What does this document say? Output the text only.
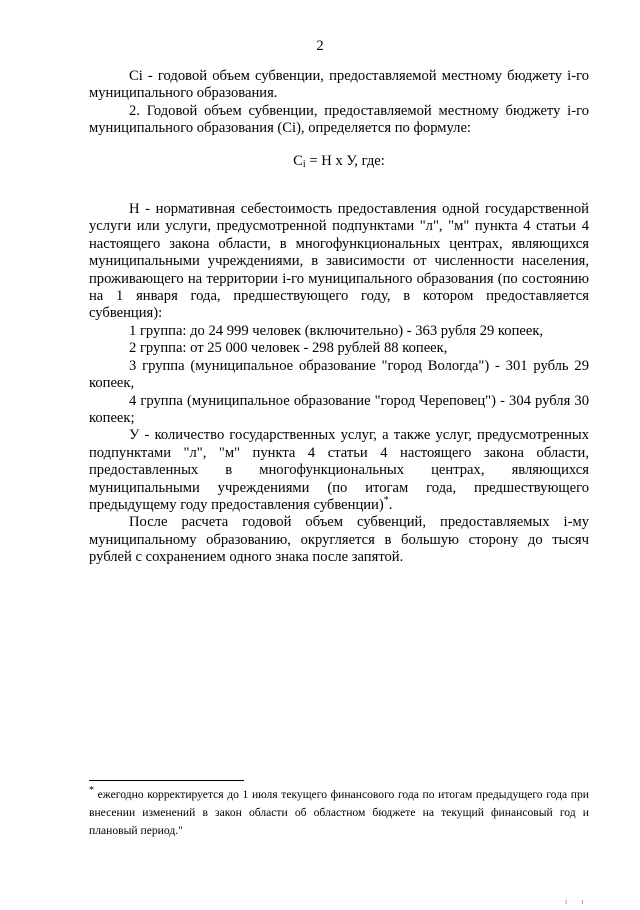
2

Сi - годовой объем субвенции, предоставляемой местному бюджету i-го муниципального образования.

2. Годовой объем субвенции, предоставляемой местному бюджету i-го муниципального образования (Сi), определяется по формуле:

$С_i = Н$ x У, где:

Н - нормативная себестоимость предоставления одной государственной услуги или услуги, предусмотренной подпунктами "л", "м" пункта 4 статьи 4 настоящего закона области, в многофункциональных центрах, являющихся муниципальными учреждениями, в зависимости от численности населения, проживающего на территории i-го муниципального образования (по состоянию на 1 января года, предшествующего году, в котором предоставляется субвенция):

1 группа: до 24 999 человек (включительно) - 363 рубля 29 копеек,

2 группа: от 25 000 человек - 298 рублей 88 копеек,

3 группа (муниципальное образование "город Вологда") - 301 рубль 29 копеек,

4 группа (муниципальное образование "город Череповец") - 304 рубля 30 копеек;

У - количество государственных услуг, а также услуг, предусмотренных подпунктами "л", "м" пункта 4 статьи 4 настоящего закона области, предоставленных в многофункциональных центрах, являющихся муниципальными учреждениями (по итогам года, предшествующего предыдущему году предоставления субвенции)*.

После расчета годовой объем субвенций, предоставляемых i-му муниципальному образованию, округляется в большую сторону до тысяч рублей с сохранением одного знака после запятой.

* ежегодно корректируется до 1 июля текущего финансового года по итогам предыдущего года при внесении изменений в закон области об областном бюджете на текущий финансовый год и плановый период."

ı ı
